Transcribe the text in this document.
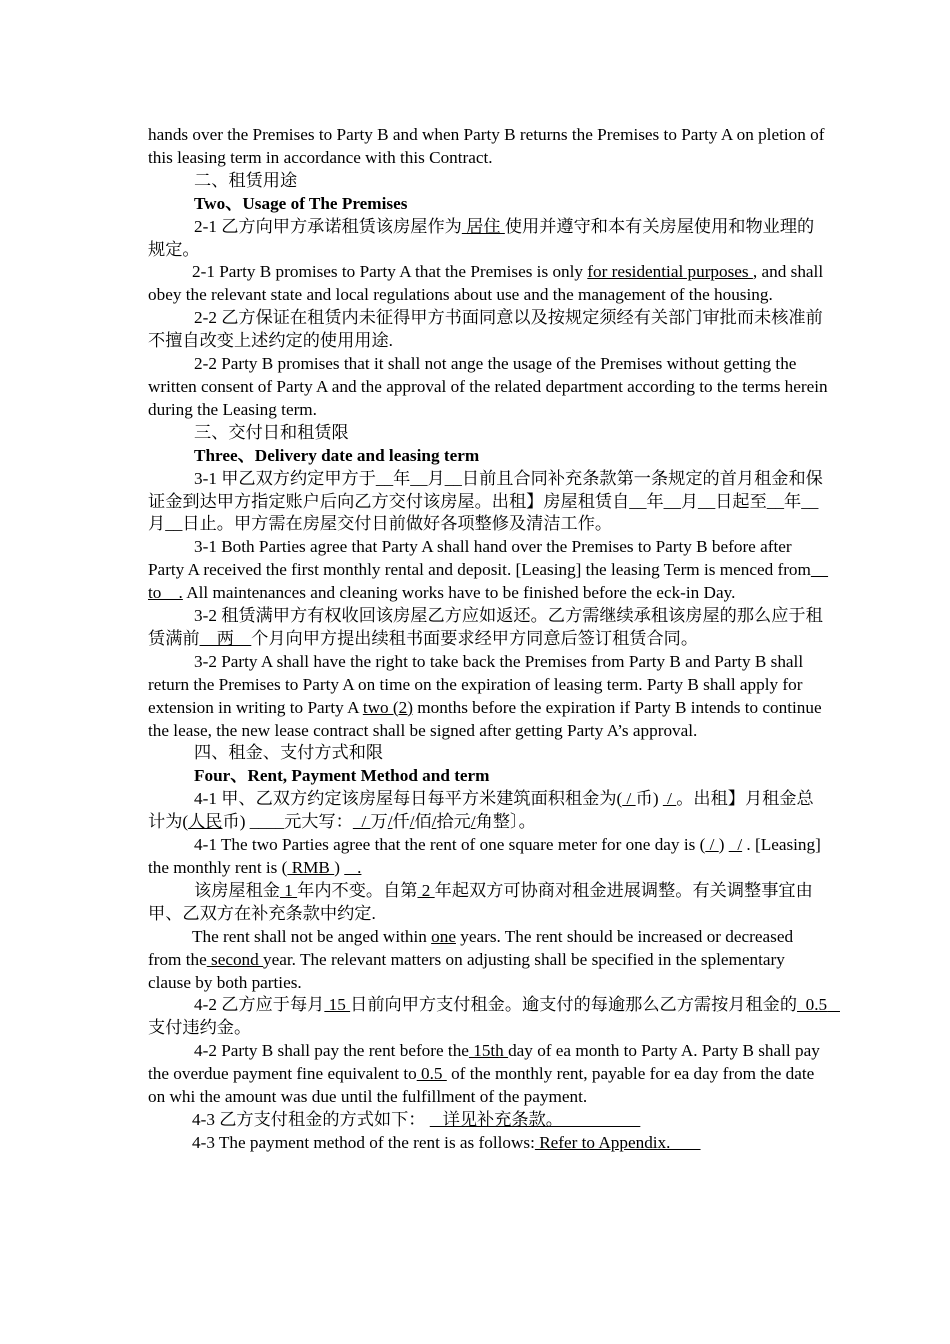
hands over the Premises to Party B and when Party B returns the Premises to Party A on pletion of this leasing term in accordance with this Contract.

二、租赁用途

Two、Usage of The Premises

2-1 乙方向甲方承诺租赁该房屋作为 居住 使用并遵守和本有关房屋使用和物业理的规定。

2-1 Party B promises to Party A that the Premises is only for residential purposes , and shall obey the relevant state and local regulations about use and the management of the housing.

2-2 乙方保证在租赁内未征得甲方书面同意以及按规定须经有关部门审批而未核准前不擅自改变上述约定的使用用途.

2-2 Party B promises that it shall not ange the usage of the Premises without getting the written consent of Party A and the approval of the related department according to the terms herein during the Leasing term.

三、交付日和租赁限

Three、Delivery date and leasing term

3-1 甲乙双方约定甲方于__年__月__日前且合同补充条款第一条规定的首月租金和保证金到达甲方指定账户后向乙方交付该房屋。出租】房屋租赁自__年__月__日起至__年__月__日止。甲方需在房屋交付日前做好各项整修及清洁工作。

3-1 Both Parties agree that Party A shall hand over the Premises to Party B before after Party A received the first monthly rental and deposit. [Leasing] the leasing Term is menced from    to    . All maintenances and cleaning works have to be finished before the eck-in Day.

3-2 租赁满甲方有权收回该房屋乙方应如返还。乙方需继续承租该房屋的那么应于租赁满前__两__个月向甲方提出续租书面要求经甲方同意后签订租赁合同。

3-2 Party A shall have the right to take back the Premises from Party B and Party B shall return the Premises to Party A on time on the expiration of leasing term. Party B shall apply for extension in writing to Party A two (2) months before the expiration if Party B intends to continue the lease, the new lease contract shall be signed after getting Party A’s approval.

四、租金、支付方式和限

Four、Rent, Payment Method and term

4-1 甲、乙双方约定该房屋每日每平方米建筑面积租金为( / 币)  / 。出租】月租金总计为(人民币) ____元大写：  / 万/仟/佰/拾元/角整〕。

4-1 The two Parties agree that the rent of one square meter for one day is ( / )   / . [Leasing] the monthly rent is ( RMB )    .

该房屋租金 1 年内不变。自第 2 年起双方可协商对租金进展调整。有关调整事宜由甲、乙双方在补充条款中约定.

The rent shall not be anged within one years. The rent should be increased or decreased from the second year. The relevant matters on adjusting shall be specified in the splementary clause by both parties.

4-2 乙方应于每月 15 日前向甲方支付租金。逾支付的每逾那么乙方需按月租金的  0.5   支付违约金。

4-2 Party B shall pay the rent before the 15th day of ea month to Party A. Party B shall pay the overdue payment fine equivalent to 0.5  of the monthly rent, payable for ea day from the date on whi the amount was due until the fulfillment of the payment.

4-3 乙方支付租金的方式如下：    详见补充条款。

4-3 The payment method of the rent is as follows: Refer to Appendix.
